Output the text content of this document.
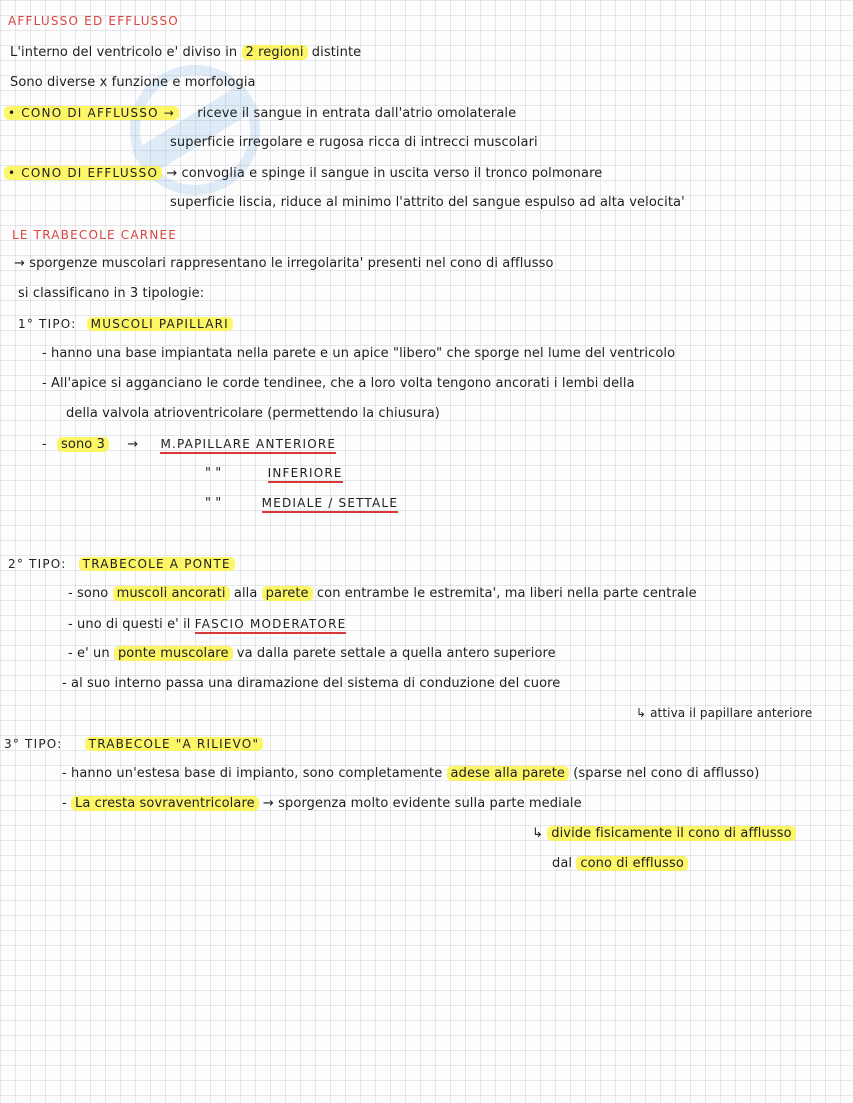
AFFLUSSO ED EFFLUSSO
L'interno del ventricolo e' diviso in 2 regioni distinte
Sono diverse x funzione e morfologia
• CONO DI AFFLUSSO → riceve il sangue in entrata dall'atrio omolaterale
superficie irregolare e rugosa ricca di intrecci muscolari
• CONO DI EFFLUSSO → convoglia e spinge il sangue in uscita verso il tronco polmonare
superficie liscia, riduce al minimo l'attrito del sangue espulso ad alta velocita'
LE TRABECOLE CARNEE
→ sporgenze muscolari rappresentano le irregolarita' presenti nel cono di afflusso
si classificano in 3 tipologie:
1° TIPO: MUSCOLI PAPILLARI
- hanno una base impiantata nella parete e un apice "libero" che sporge nel lume del ventricolo
- All'apice si agganciano le corde tendinee, che a loro volta tengono ancorati i lembi della
della valvola atrioventricolare (permettendo la chiusura)
- sono 3 → M.PAPILLARE ANTERIORE
" "	INFERIORE
" "	MEDIALE / SETTALE
2° TIPO: TRABECOLE A PONTE
- sono muscoli ancorati alla parete con entrambe le estremita', ma liberi nella parte centrale
- uno di questi e' il FASCIO MODERATORE
- e' un ponte muscolare va dalla parete settale a quella antero superiore
- al suo interno passa una diramazione del sistema di conduzione del cuore
↳ attiva il papillare anteriore
3° TIPO: TRABECOLE "A RILIEVO"
- hanno un'estesa base di impianto, sono completamente adese alla parete (sparse nel cono di afflusso)
- La cresta sovraventricolare → sporgenza molto evidente sulla parte mediale
↳ divide fisicamente il cono di afflusso
dal cono di efflusso
